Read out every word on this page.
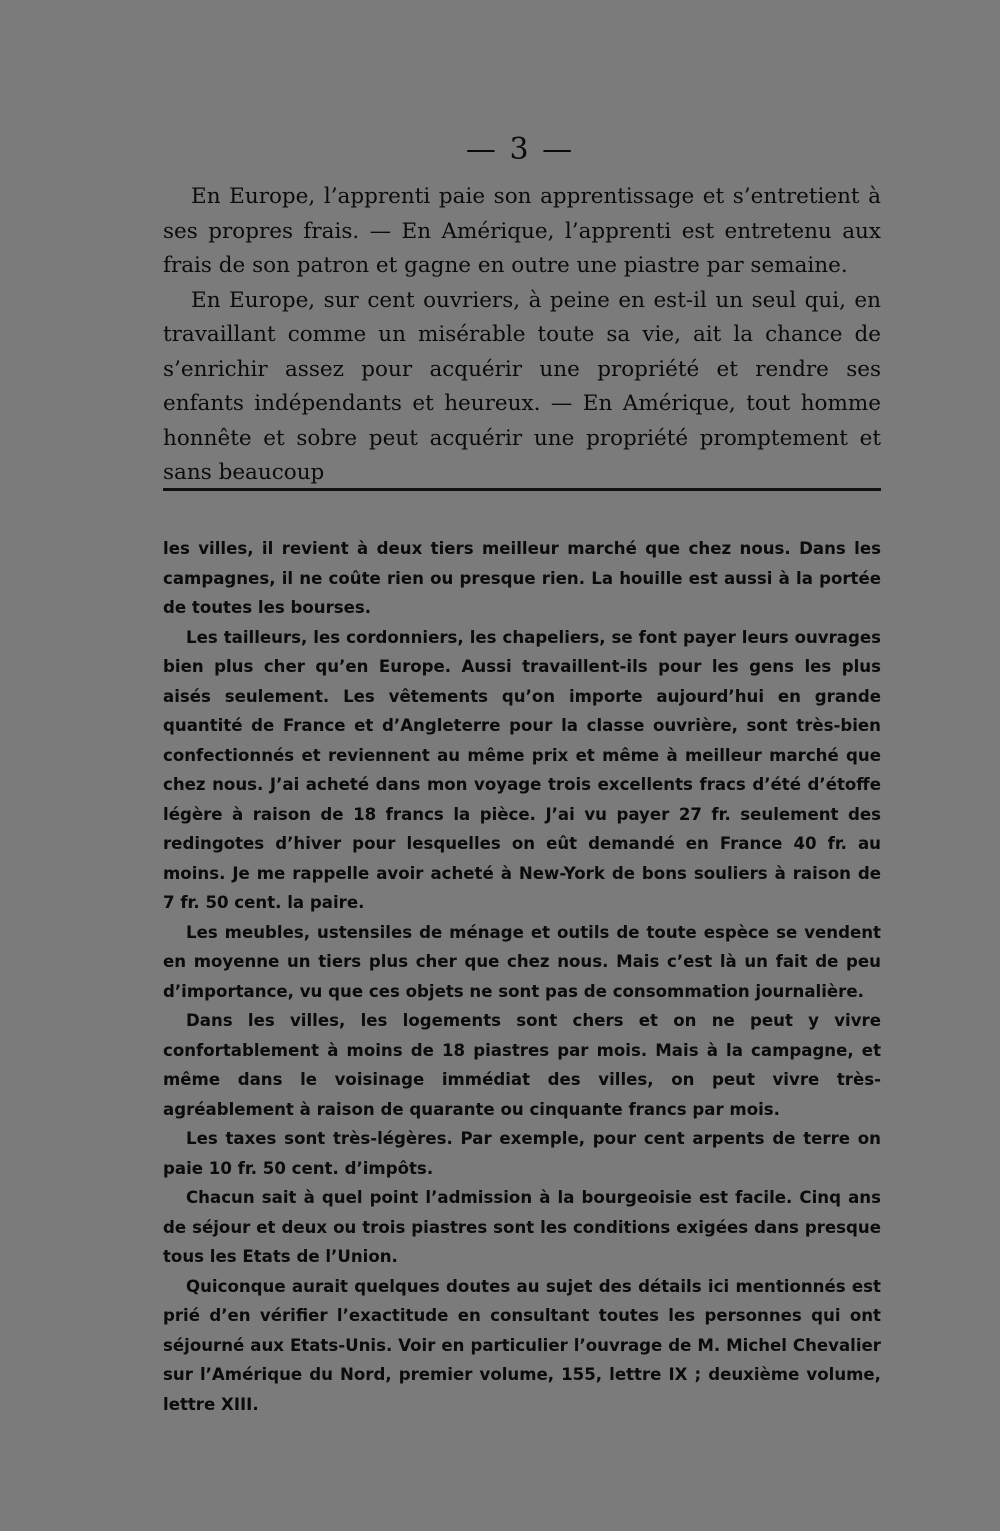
— 3 —

En Europe, l’apprenti paie son apprentissage et s’entretient à ses propres frais. — En Amérique, l’apprenti est entretenu aux frais de son patron et gagne en outre une piastre par semaine.

En Europe, sur cent ouvriers, à peine en est-il un seul qui, en travaillant comme un misérable toute sa vie, ait la chance de s’enrichir assez pour acquérir une propriété et rendre ses enfants indépendants et heureux. — En Amérique, tout homme honnête et sobre peut acquérir une propriété promptement et sans beaucoup

les villes, il revient à deux tiers meilleur marché que chez nous. Dans les campagnes, il ne coûte rien ou presque rien. La houille est aussi à la portée de toutes les bourses.

Les tailleurs, les cordonniers, les chapeliers, se font payer leurs ouvrages bien plus cher qu’en Europe. Aussi travaillent-ils pour les gens les plus aisés seulement. Les vêtements qu’on importe aujourd’hui en grande quantité de France et d’Angleterre pour la classe ouvrière, sont très-bien confectionnés et reviennent au même prix et même à meilleur marché que chez nous. J’ai acheté dans mon voyage trois excellents fracs d’été d’étoffe légère à raison de 18 francs la pièce. J’ai vu payer 27 fr. seulement des redingotes d’hiver pour lesquelles on eût demandé en France 40 fr. au moins. Je me rappelle avoir acheté à New-York de bons souliers à raison de 7 fr. 50 cent. la paire.

Les meubles, ustensiles de ménage et outils de toute espèce se vendent en moyenne un tiers plus cher que chez nous. Mais c’est là un fait de peu d’importance, vu que ces objets ne sont pas de consommation journalière.

Dans les villes, les logements sont chers et on ne peut y vivre confortablement à moins de 18 piastres par mois. Mais à la campagne, et même dans le voisinage immédiat des villes, on peut vivre très-agréablement à raison de quarante ou cinquante francs par mois.

Les taxes sont très-légères. Par exemple, pour cent arpents de terre on paie 10 fr. 50 cent. d’impôts.

Chacun sait à quel point l’admission à la bourgeoisie est facile. Cinq ans de séjour et deux ou trois piastres sont les conditions exigées dans presque tous les Etats de l’Union.

Quiconque aurait quelques doutes au sujet des détails ici mentionnés est prié d’en vérifier l’exactitude en consultant toutes les personnes qui ont séjourné aux Etats-Unis. Voir en particulier l’ouvrage de M. Michel Chevalier sur l’Amérique du Nord, premier volume, 155, lettre IX ; deuxième volume, lettre XIII.
